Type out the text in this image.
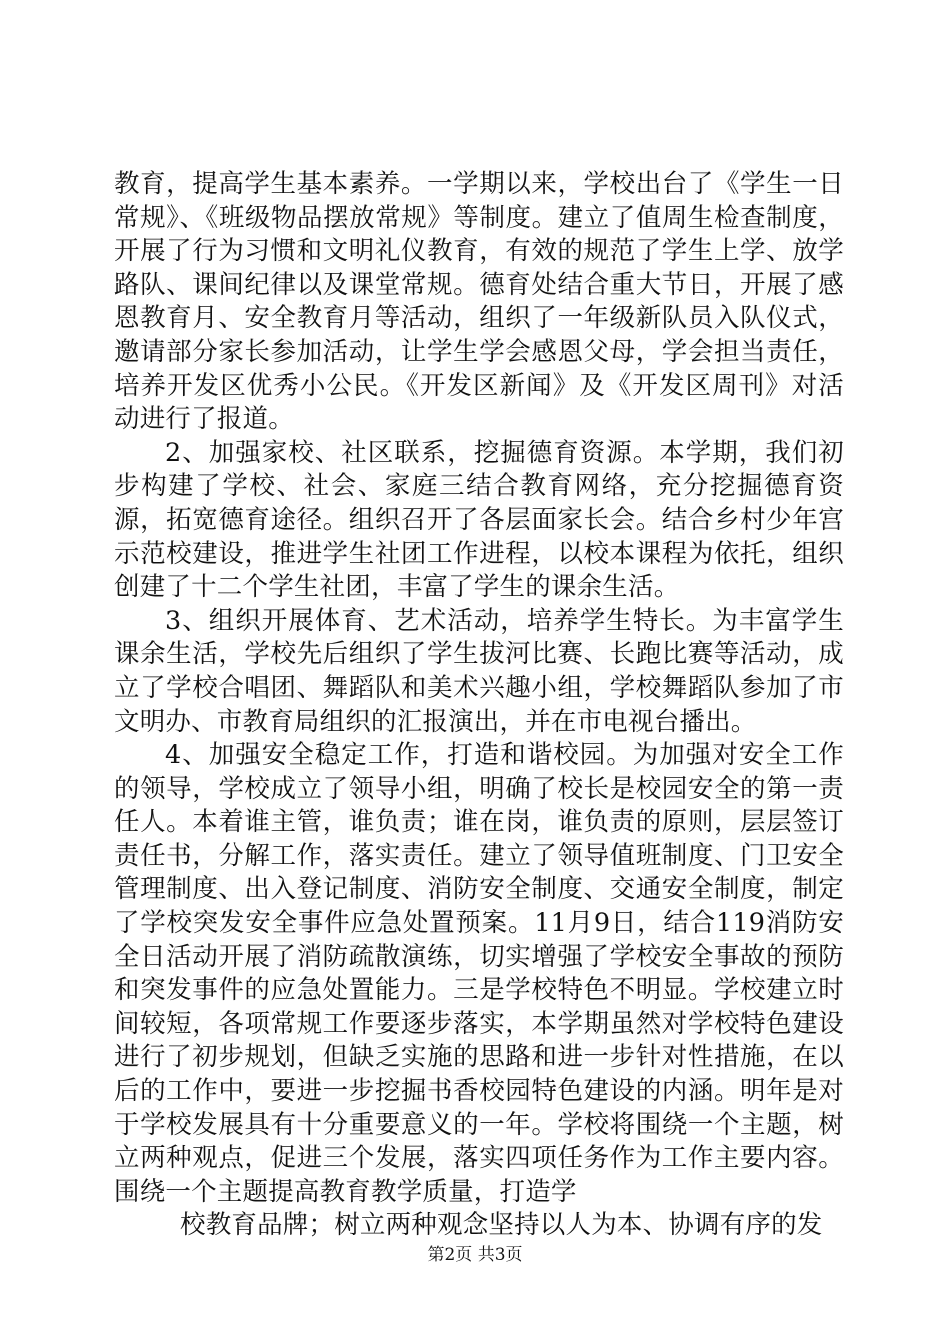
教育，提高学生基本素养。一学期以来，学校出台了《学生一日常规》、《班级物品摆放常规》等制度。建立了值周生检查制度，开展了行为习惯和文明礼仪教育，有效的规范了学生上学、放学路队、课间纪律以及课堂常规。德育处结合重大节日，开展了感恩教育月、安全教育月等活动，组织了一年级新队员入队仪式，邀请部分家长参加活动，让学生学会感恩父母，学会担当责任，培养开发区优秀小公民。《开发区新闻》及《开发区周刊》对活动进行了报道。

2、加强家校、社区联系，挖掘德育资源。本学期，我们初步构建了学校、社会、家庭三结合教育网络，充分挖掘德育资源，拓宽德育途径。组织召开了各层面家长会。结合乡村少年宫示范校建设，推进学生社团工作进程，以校本课程为依托，组织创建了十二个学生社团，丰富了学生的课余生活。

3、组织开展体育、艺术活动，培养学生特长。为丰富学生课余生活，学校先后组织了学生拔河比赛、长跑比赛等活动，成立了学校合唱团、舞蹈队和美术兴趣小组，学校舞蹈队参加了市文明办、市教育局组织的汇报演出，并在市电视台播出。

4、加强安全稳定工作，打造和谐校园。为加强对安全工作的领导，学校成立了领导小组，明确了校长是校园安全的第一责任人。本着谁主管，谁负责；谁在岗，谁负责的原则，层层签订责任书，分解工作，落实责任。建立了领导值班制度、门卫安全管理制度、出入登记制度、消防安全制度、交通安全制度，制定了学校突发安全事件应急处置预案。11月9日，结合119消防安全日活动开展了消防疏散演练，切实增强了学校安全事故的预防和突发事件的应急处置能力。三是学校特色不明显。学校建立时间较短，各项常规工作要逐步落实，本学期虽然对学校特色建设进行了初步规划，但缺乏实施的思路和进一步针对性措施，在以后的工作中，要进一步挖掘书香校园特色建设的内涵。明年是对于学校发展具有十分重要意义的一年。学校将围绕一个主题，树立两种观点，促进三个发展，落实四项任务作为工作主要内容。围绕一个主题提高教育教学质量，打造学

校教育品牌；树立两种观念坚持以人为本、协调有序的发

第2页 共3页
